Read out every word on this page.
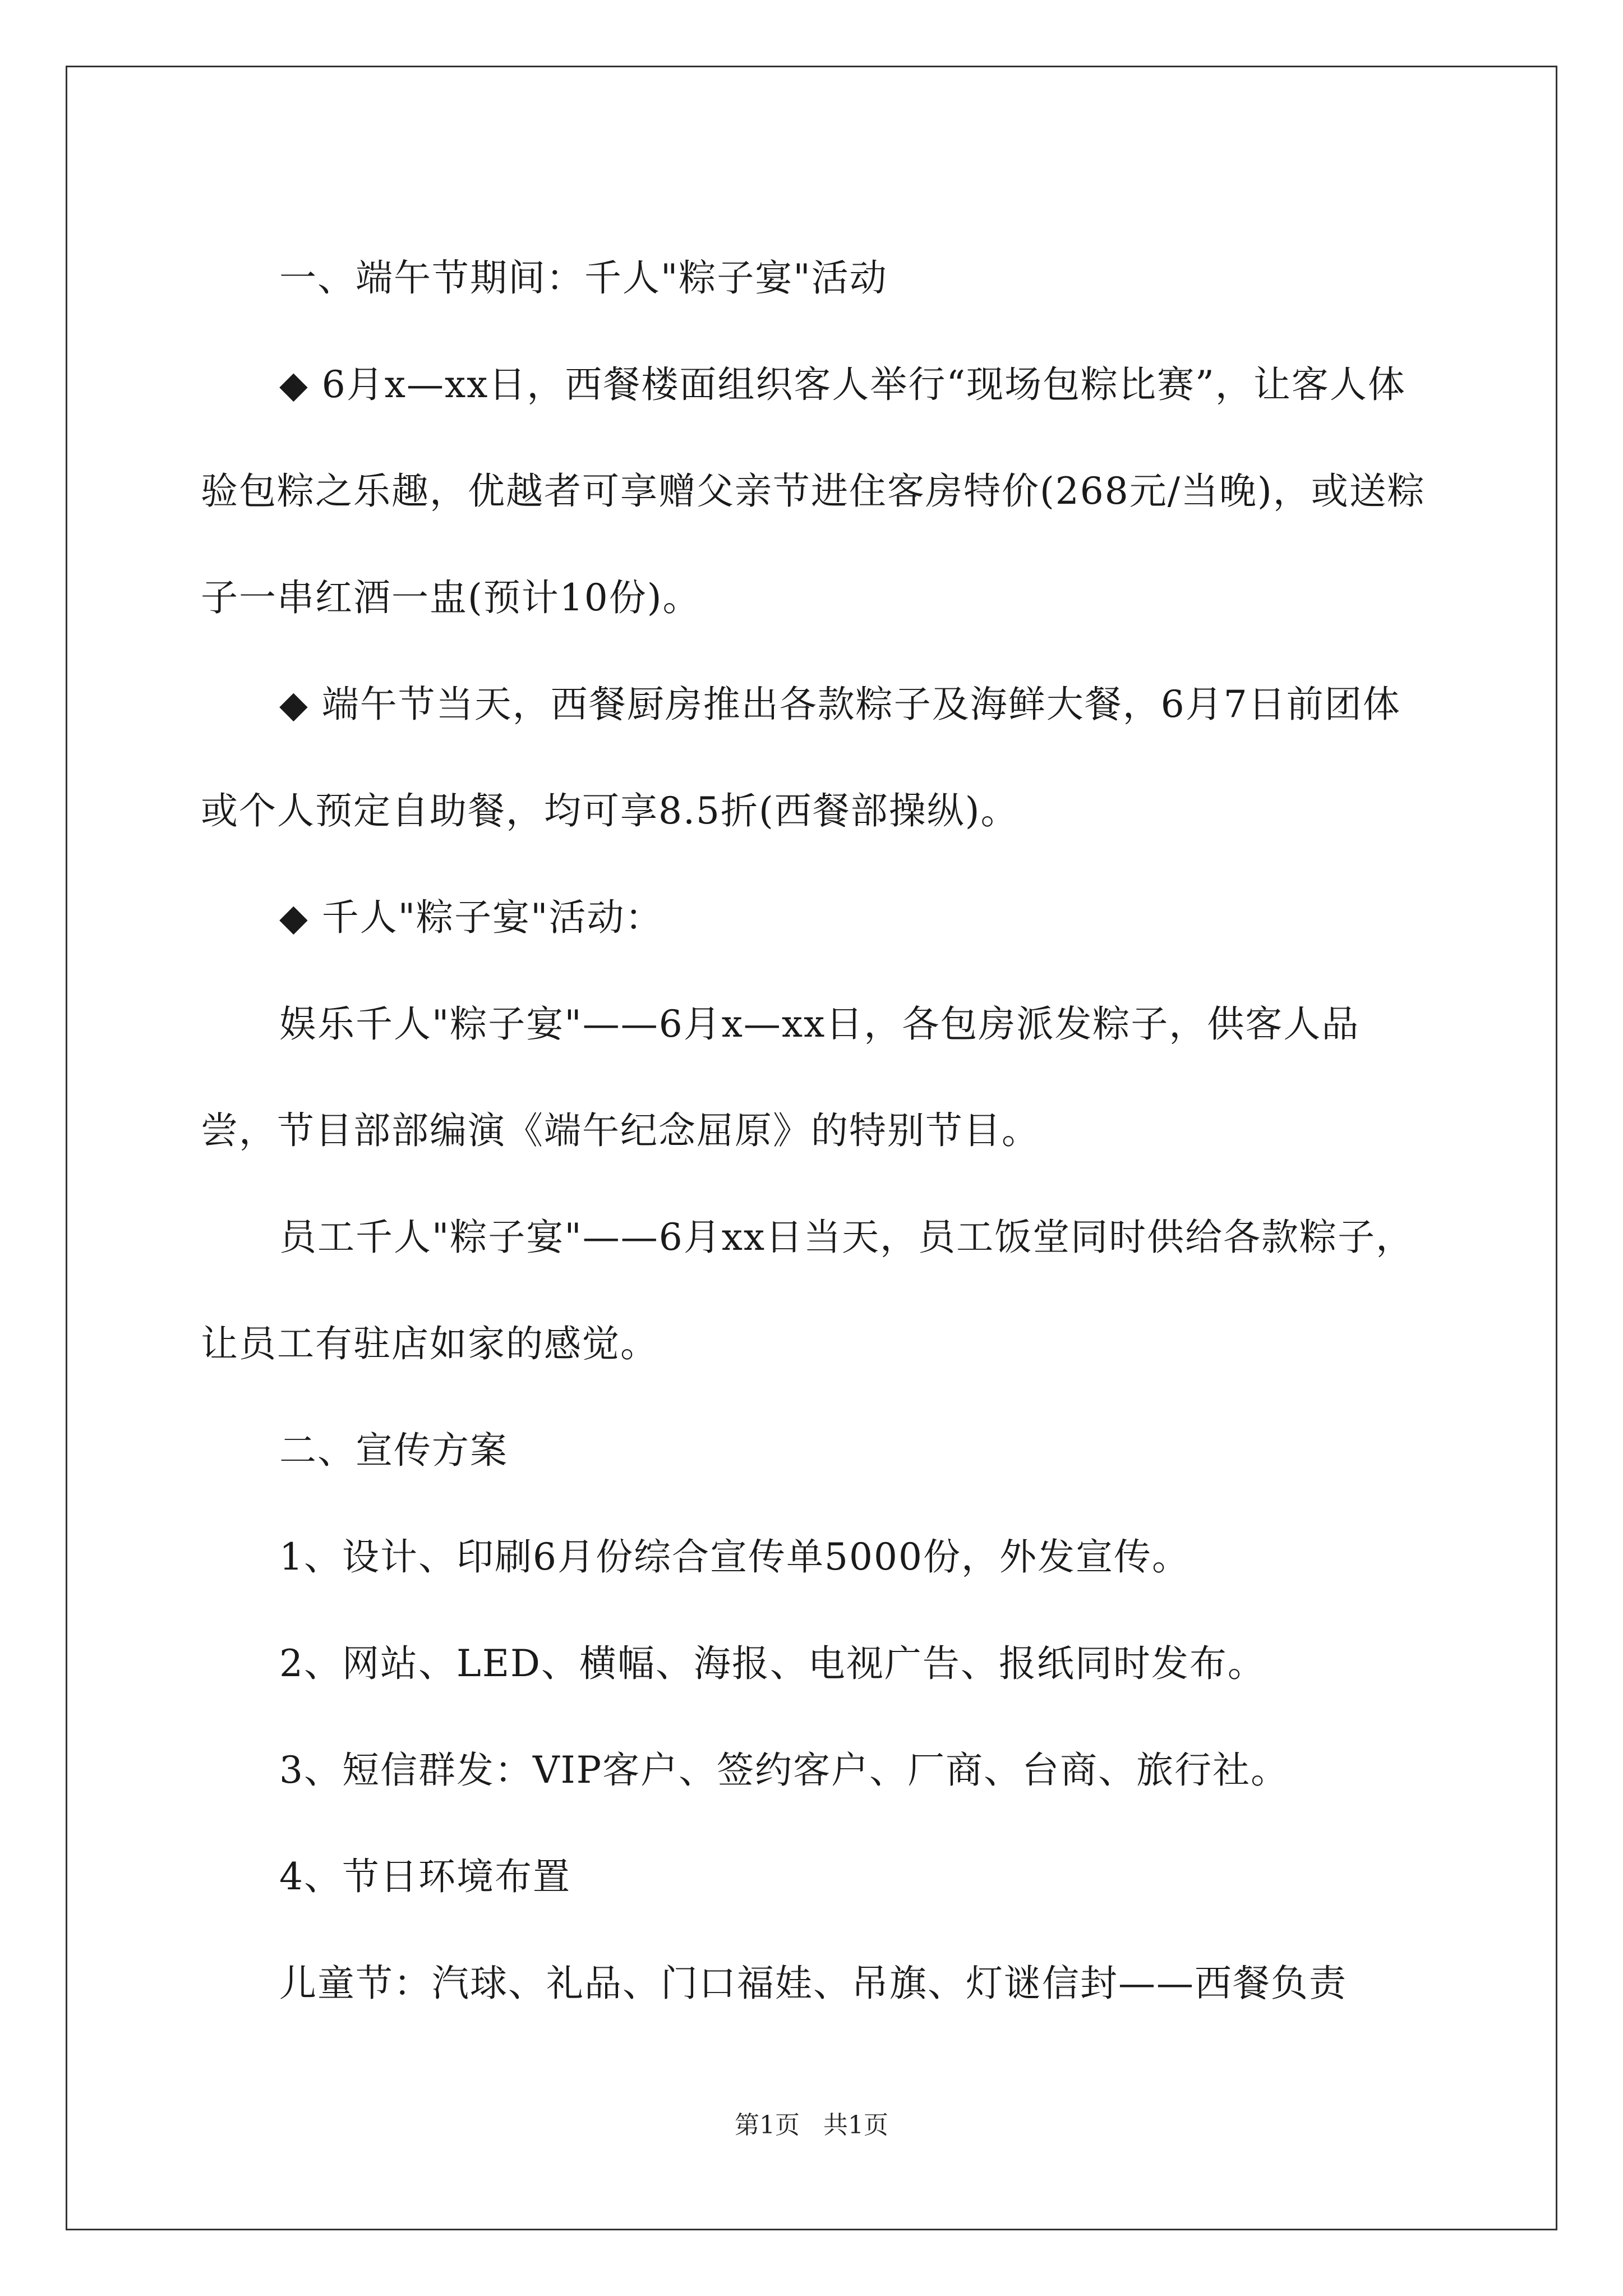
一、端午节期间：千人"粽子宴"活动

◆ 6月x—xx日，西餐楼面组织客人举行“现场包粽比赛”，让客人体验包粽之乐趣，优越者可享赠父亲节进住客房特价(268元/当晚)，或送粽子一串红酒一盅(预计10份)。

◆ 端午节当天，西餐厨房推出各款粽子及海鲜大餐，6月7日前团体或个人预定自助餐，均可享8.5折(西餐部操纵)。

◆ 千人"粽子宴"活动：

娱乐千人"粽子宴"——6月x—xx日，各包房派发粽子，供客人品尝，节目部部编演《端午纪念屈原》的特别节目。

员工千人"粽子宴"——6月xx日当天，员工饭堂同时供给各款粽子，让员工有驻店如家的感觉。

二、宣传方案

1、设计、印刷6月份综合宣传单5000份，外发宣传。

2、网站、LED、横幅、海报、电视广告、报纸同时发布。

3、短信群发：VIP客户、签约客户、厂商、台商、旅行社。

4、节日环境布置

儿童节：汽球、礼品、门口福娃、吊旗、灯谜信封——西餐负责

第1页 共1页
